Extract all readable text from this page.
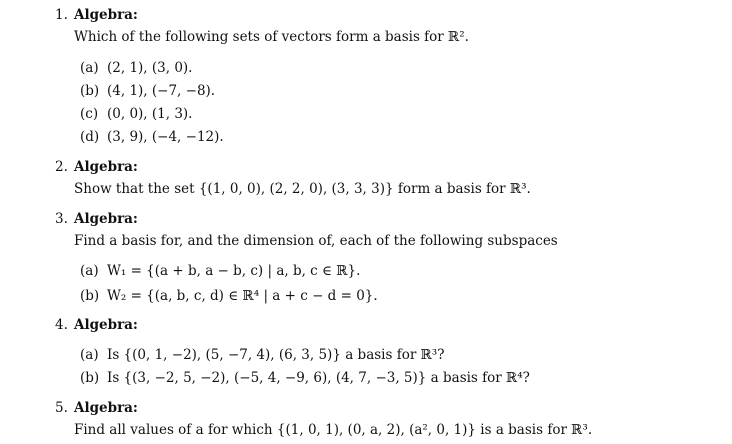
1. Algebra:
Which of the following sets of vectors form a basis for ℝ².
(a) (2, 1), (3, 0).
(b) (4, 1), (−7, −8).
(c) (0, 0), (1, 3).
(d) (3, 9), (−4, −12).
2. Algebra:
Show that the set {(1, 0, 0), (2, 2, 0), (3, 3, 3)} form a basis for ℝ³.
3. Algebra:
Find a basis for, and the dimension of, each of the following subspaces
(a) W₁ = {(a + b, a − b, c) | a, b, c ∈ ℝ}.
(b) W₂ = {(a, b, c, d) ∈ ℝ⁴ | a + c − d = 0}.
4. Algebra:
(a) Is {(0, 1, −2), (5, −7, 4), (6, 3, 5)} a basis for ℝ³?
(b) Is {(3, −2, 5, −2), (−5, 4, −9, 6), (4, 7, −3, 5)} a basis for ℝ⁴?
5. Algebra:
Find all values of a for which {(1, 0, 1), (0, a, 2), (a², 0, 1)} is a basis for ℝ³.
